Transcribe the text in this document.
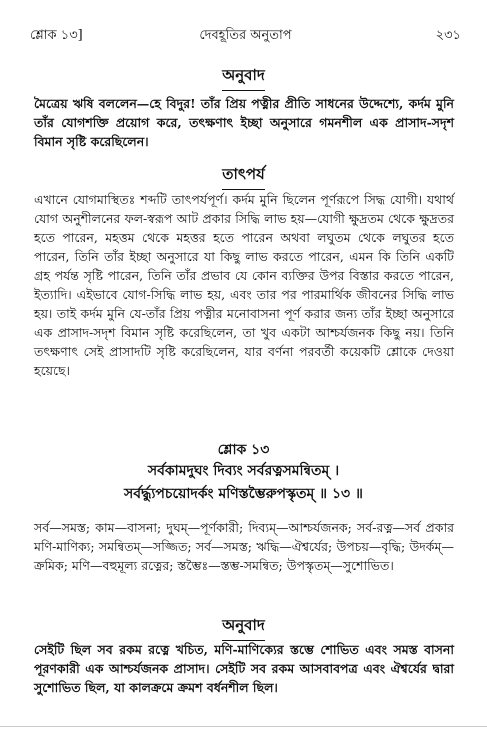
শ্লোক ১৩]	দেবহূতির অনুতাপ	২৩১
অনুবাদ

মৈত্রেয় ঋষি বললেন—হে বিদুর! তাঁর প্রিয় পত্নীর প্রীতি সাধনের উদ্দেশ্যে, কর্দম মুনি তাঁর যোগশক্তি প্রয়োগ করে, তৎক্ষণাৎ ইচ্ছা অনুসারে গমনশীল এক প্রাসাদ-সদৃশ বিমান সৃষ্টি করেছিলেন।

তাৎপর্য

এখানে যোগমাস্থিতঃ শব্দটি তাৎপর্যপূর্ণ। কর্দম মুনি ছিলেন পূর্ণরূপে সিদ্ধ যোগী। যথার্থ যোগ অনুশীলনের ফল-স্বরূপ আট প্রকার সিদ্ধি লাভ হয়—যোগী ক্ষুদ্রতম থেকে ক্ষুদ্রতর হতে পারেন, মহত্তম থেকে মহত্তর হতে পারেন অথবা লঘুতম থেকে লঘুতর হতে পারেন, তিনি তাঁর ইচ্ছা অনুসারে যা কিছু লাভ করতে পারেন, এমন কি তিনি একটি গ্রহ পর্যন্ত সৃষ্টি পারেন, তিনি তাঁর প্রভাব যে কোন ব্যক্তির উপর বিস্তার করতে পারেন, ইত্যাদি। এইভাবে যোগ-সিদ্ধি লাভ হয়, এবং তার পর পারমার্থিক জীবনের সিদ্ধি লাভ হয়। তাই কর্দম মুনি যে-তাঁর প্রিয় পত্নীর মনোবাসনা পূর্ণ করার জন্য তাঁর ইচ্ছা অনুসারে এক প্রাসাদ-সদৃশ বিমান সৃষ্টি করেছিলেন, তা খুব একটা আশ্চর্যজনক কিছু নয়। তিনি তৎক্ষণাৎ সেই প্রাসাদটি সৃষ্টি করেছিলেন, যার বর্ণনা পরবর্তী কয়েকটি শ্লোকে দেওয়া হয়েছে।

শ্লোক ১৩
সর্বকামদুঘং দিব্যং সর্বরত্নসমন্বিতম্ ।
সর্বর্দ্ধ্যুপচয়োদর্কং মণিস্তম্ভৈরুপস্কৃতম্ ॥ ১৩ ॥

সর্ব—সমস্ত; কাম—বাসনা; দুঘম্—পূর্ণকারী; দিব্যম্—আশ্চর্যজনক; সর্ব-রত্ন—সর্ব প্রকার মণি-মাণিক্য; সমন্বিতম্—সজ্জিত; সর্ব—সমস্ত; ঋদ্ধি—ঐশ্বর্যের; উপচয়—বৃদ্ধি; উদর্কম্—ক্রমিক; মণি—বহুমূল্য রত্নের; স্তম্ভৈঃ—স্তম্ভ-সমন্বিত; উপস্কৃতম্—সুশোভিত।

অনুবাদ

সেইটি ছিল সব রকম রত্নে খচিত, মণি-মাণিক্যের স্তম্ভে শোভিত এবং সমস্ত বাসনা পূরণকারী এক আশ্চর্যজনক প্রাসাদ। সেইটি সব রকম আসবাবপত্র এবং ঐশ্বর্যের দ্বারা সুশোভিত ছিল, যা কালক্রমে ক্রমশ বর্ধনশীল ছিল।
